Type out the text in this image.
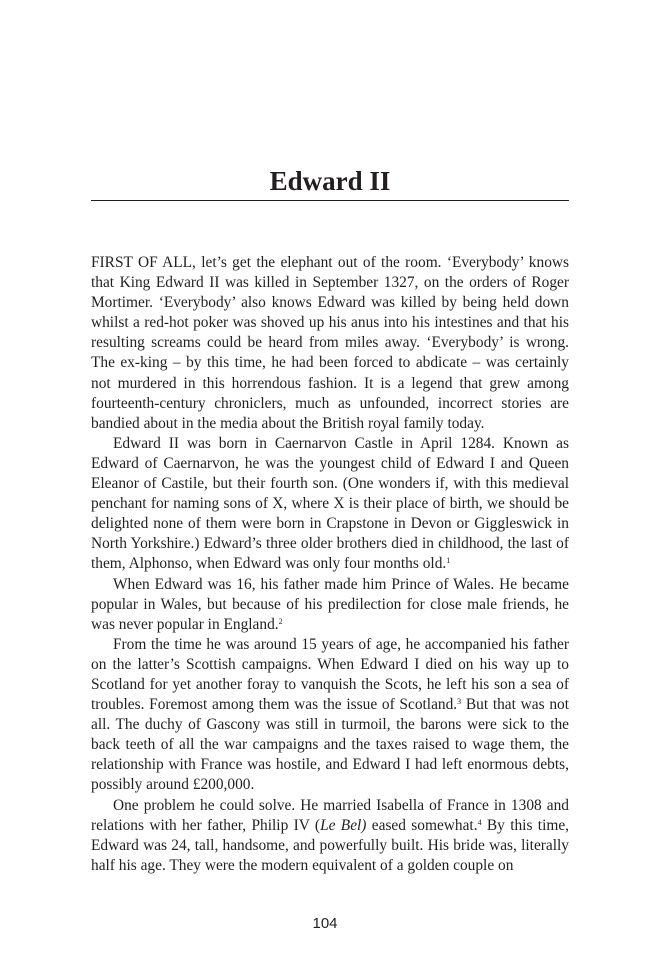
Edward II

FIRST OF ALL, let’s get the elephant out of the room. ‘Everybody’ knows that King Edward II was killed in September 1327, on the orders of Roger Mortimer. ‘Everybody’ also knows Edward was killed by being held down whilst a red-hot poker was shoved up his anus into his intestines and that his resulting screams could be heard from miles away. ‘Everybody’ is wrong. The ex-king – by this time, he had been forced to abdicate – was certainly not murdered in this horrendous fashion. It is a legend that grew among fourteenth-century chroniclers, much as unfounded, incorrect stories are bandied about in the media about the British royal family today.

Edward II was born in Caernarvon Castle in April 1284. Known as Edward of Caernarvon, he was the youngest child of Edward I and Queen Eleanor of Castile, but their fourth son. (One wonders if, with this medieval penchant for naming sons of X, where X is their place of birth, we should be delighted none of them were born in Crapstone in Devon or Giggleswick in North Yorkshire.) Edward’s three older brothers died in childhood, the last of them, Alphonso, when Edward was only four months old.$^1$

When Edward was 16, his father made him Prince of Wales. He became popular in Wales, but because of his predilection for close male friends, he was never popular in England.$^2$

From the time he was around 15 years of age, he accompanied his father on the latter’s Scottish campaigns. When Edward I died on his way up to Scotland for yet another foray to vanquish the Scots, he left his son a sea of troubles. Foremost among them was the issue of Scotland.$^3$ But that was not all. The duchy of Gascony was still in turmoil, the barons were sick to the back teeth of all the war campaigns and the taxes raised to wage them, the relationship with France was hostile, and Edward I had left enormous debts, possibly around £200,000.

One problem he could solve. He married Isabella of France in 1308 and relations with her father, Philip IV (Le Bel) eased somewhat.$^4$ By this time, Edward was 24, tall, handsome, and powerfully built. His bride was, literally half his age. They were the modern equivalent of a golden couple on

104
